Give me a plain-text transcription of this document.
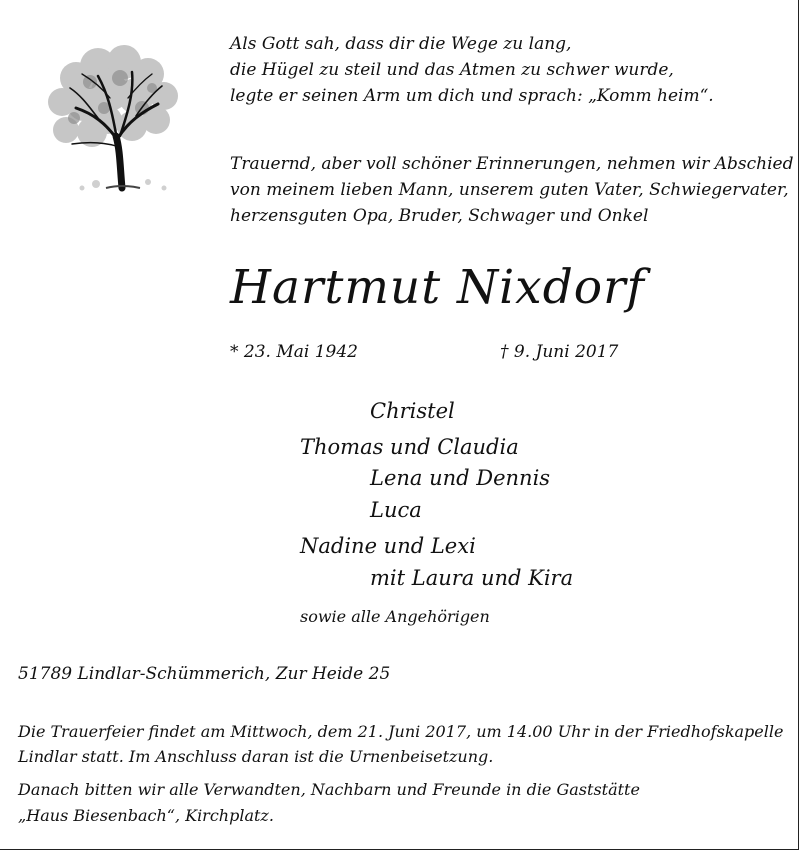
Als Gott sah, dass dir die Wege zu lang,
die Hügel zu steil und das Atmen zu schwer wurde,
legte er seinen Arm um dich und sprach: „Komm heim“.
Trauernd, aber voll schöner Erinnerungen, nehmen wir Abschied
von meinem lieben Mann, unserem guten Vater, Schwiegervater,
herzensguten Opa, Bruder, Schwager und Onkel
Hartmut Nixdorf
* 23. Mai 1942	† 9. Juni 2017
Christel
Thomas und Claudia
Lena und Dennis
Luca
Nadine und Lexi
mit Laura und Kira
sowie alle Angehörigen
51789 Lindlar-Schümmerich, Zur Heide 25
Die Trauerfeier findet am Mittwoch, dem 21. Juni 2017, um 14.00 Uhr in der Friedhofskapelle
Lindlar statt. Im Anschluss daran ist die Urnenbeisetzung.
Danach bitten wir alle Verwandten, Nachbarn und Freunde in die Gaststätte
„Haus Biesenbach“, Kirchplatz.
